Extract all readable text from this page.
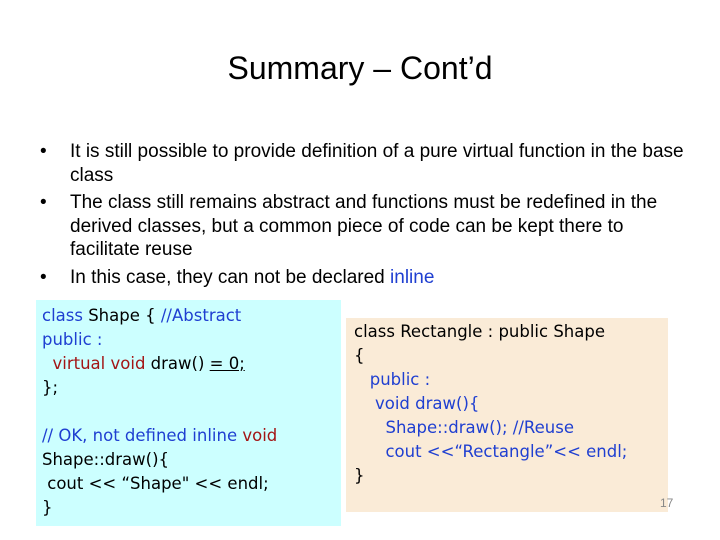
Summary – Cont’d
• It is still possible to provide definition of a pure virtual function in the base class
• The class still remains abstract and functions must be redefined in the derived classes, but a common piece of code can be kept there to facilitate reuse
• In this case, they can not be declared inline
class Shape { //Abstract
public :
virtual void draw() = 0;
};
// OK, not defined inline void
Shape::draw(){
cout << “Shape" << endl;
}
class Rectangle : public Shape
{
public :
void draw(){
Shape::draw(); //Reuse
cout <<“Rectangle”<< endl;
}
17
